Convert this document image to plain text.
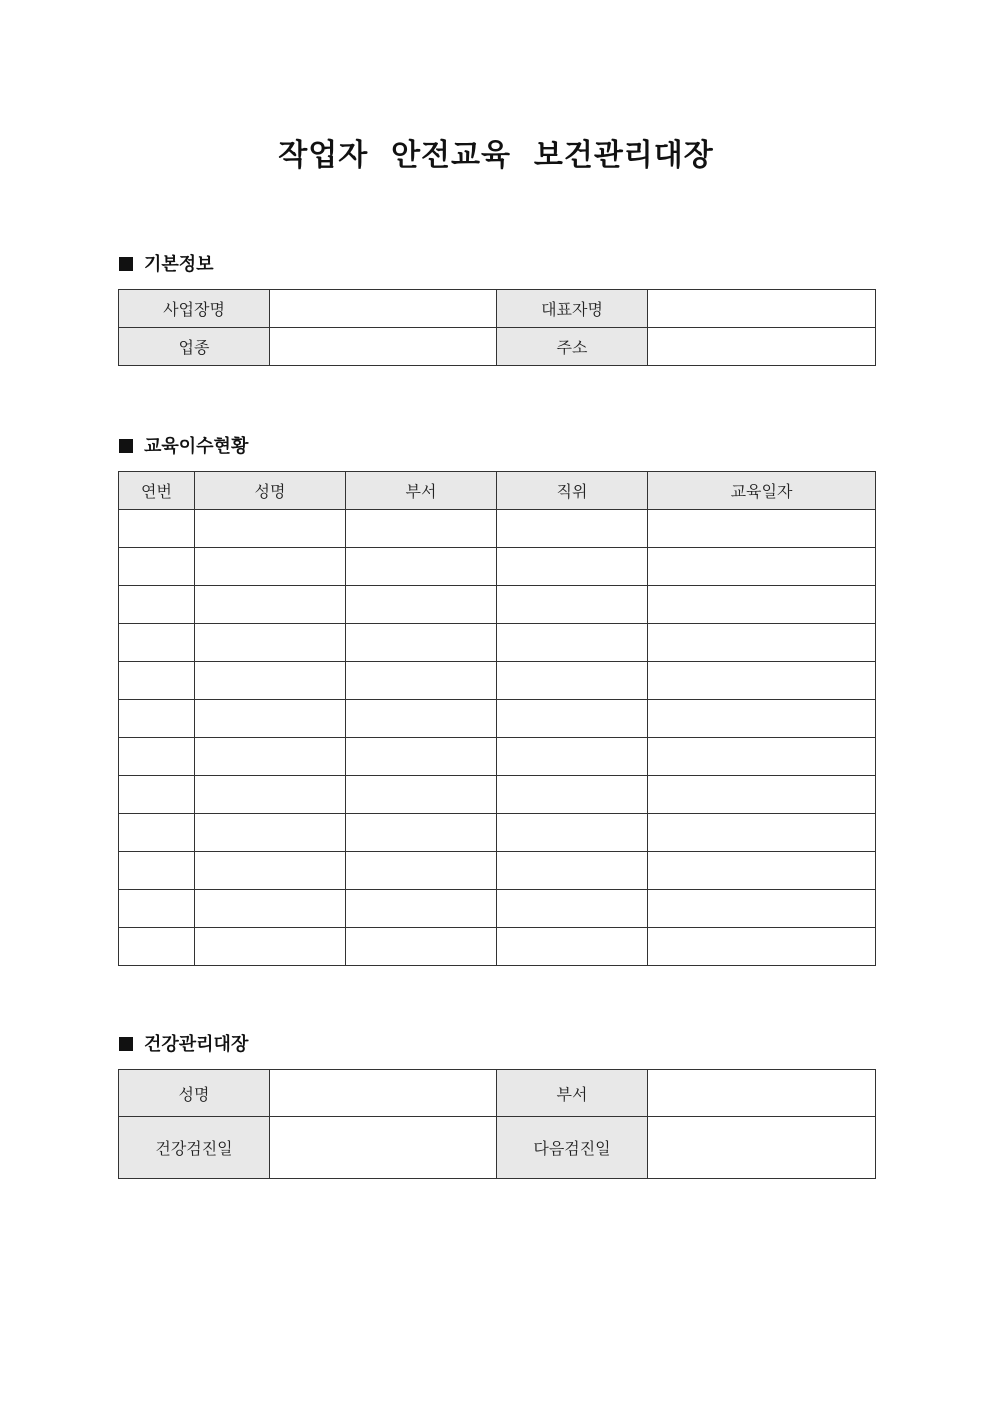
작업자  안전교육  보건관리대장
기본정보
사업장명		대표자명	
업종		주소	
교육이수현황
연번	성명	부서	직위	교육일자

건강관리대장
성명		부서	
건강검진일		다음검진일	
